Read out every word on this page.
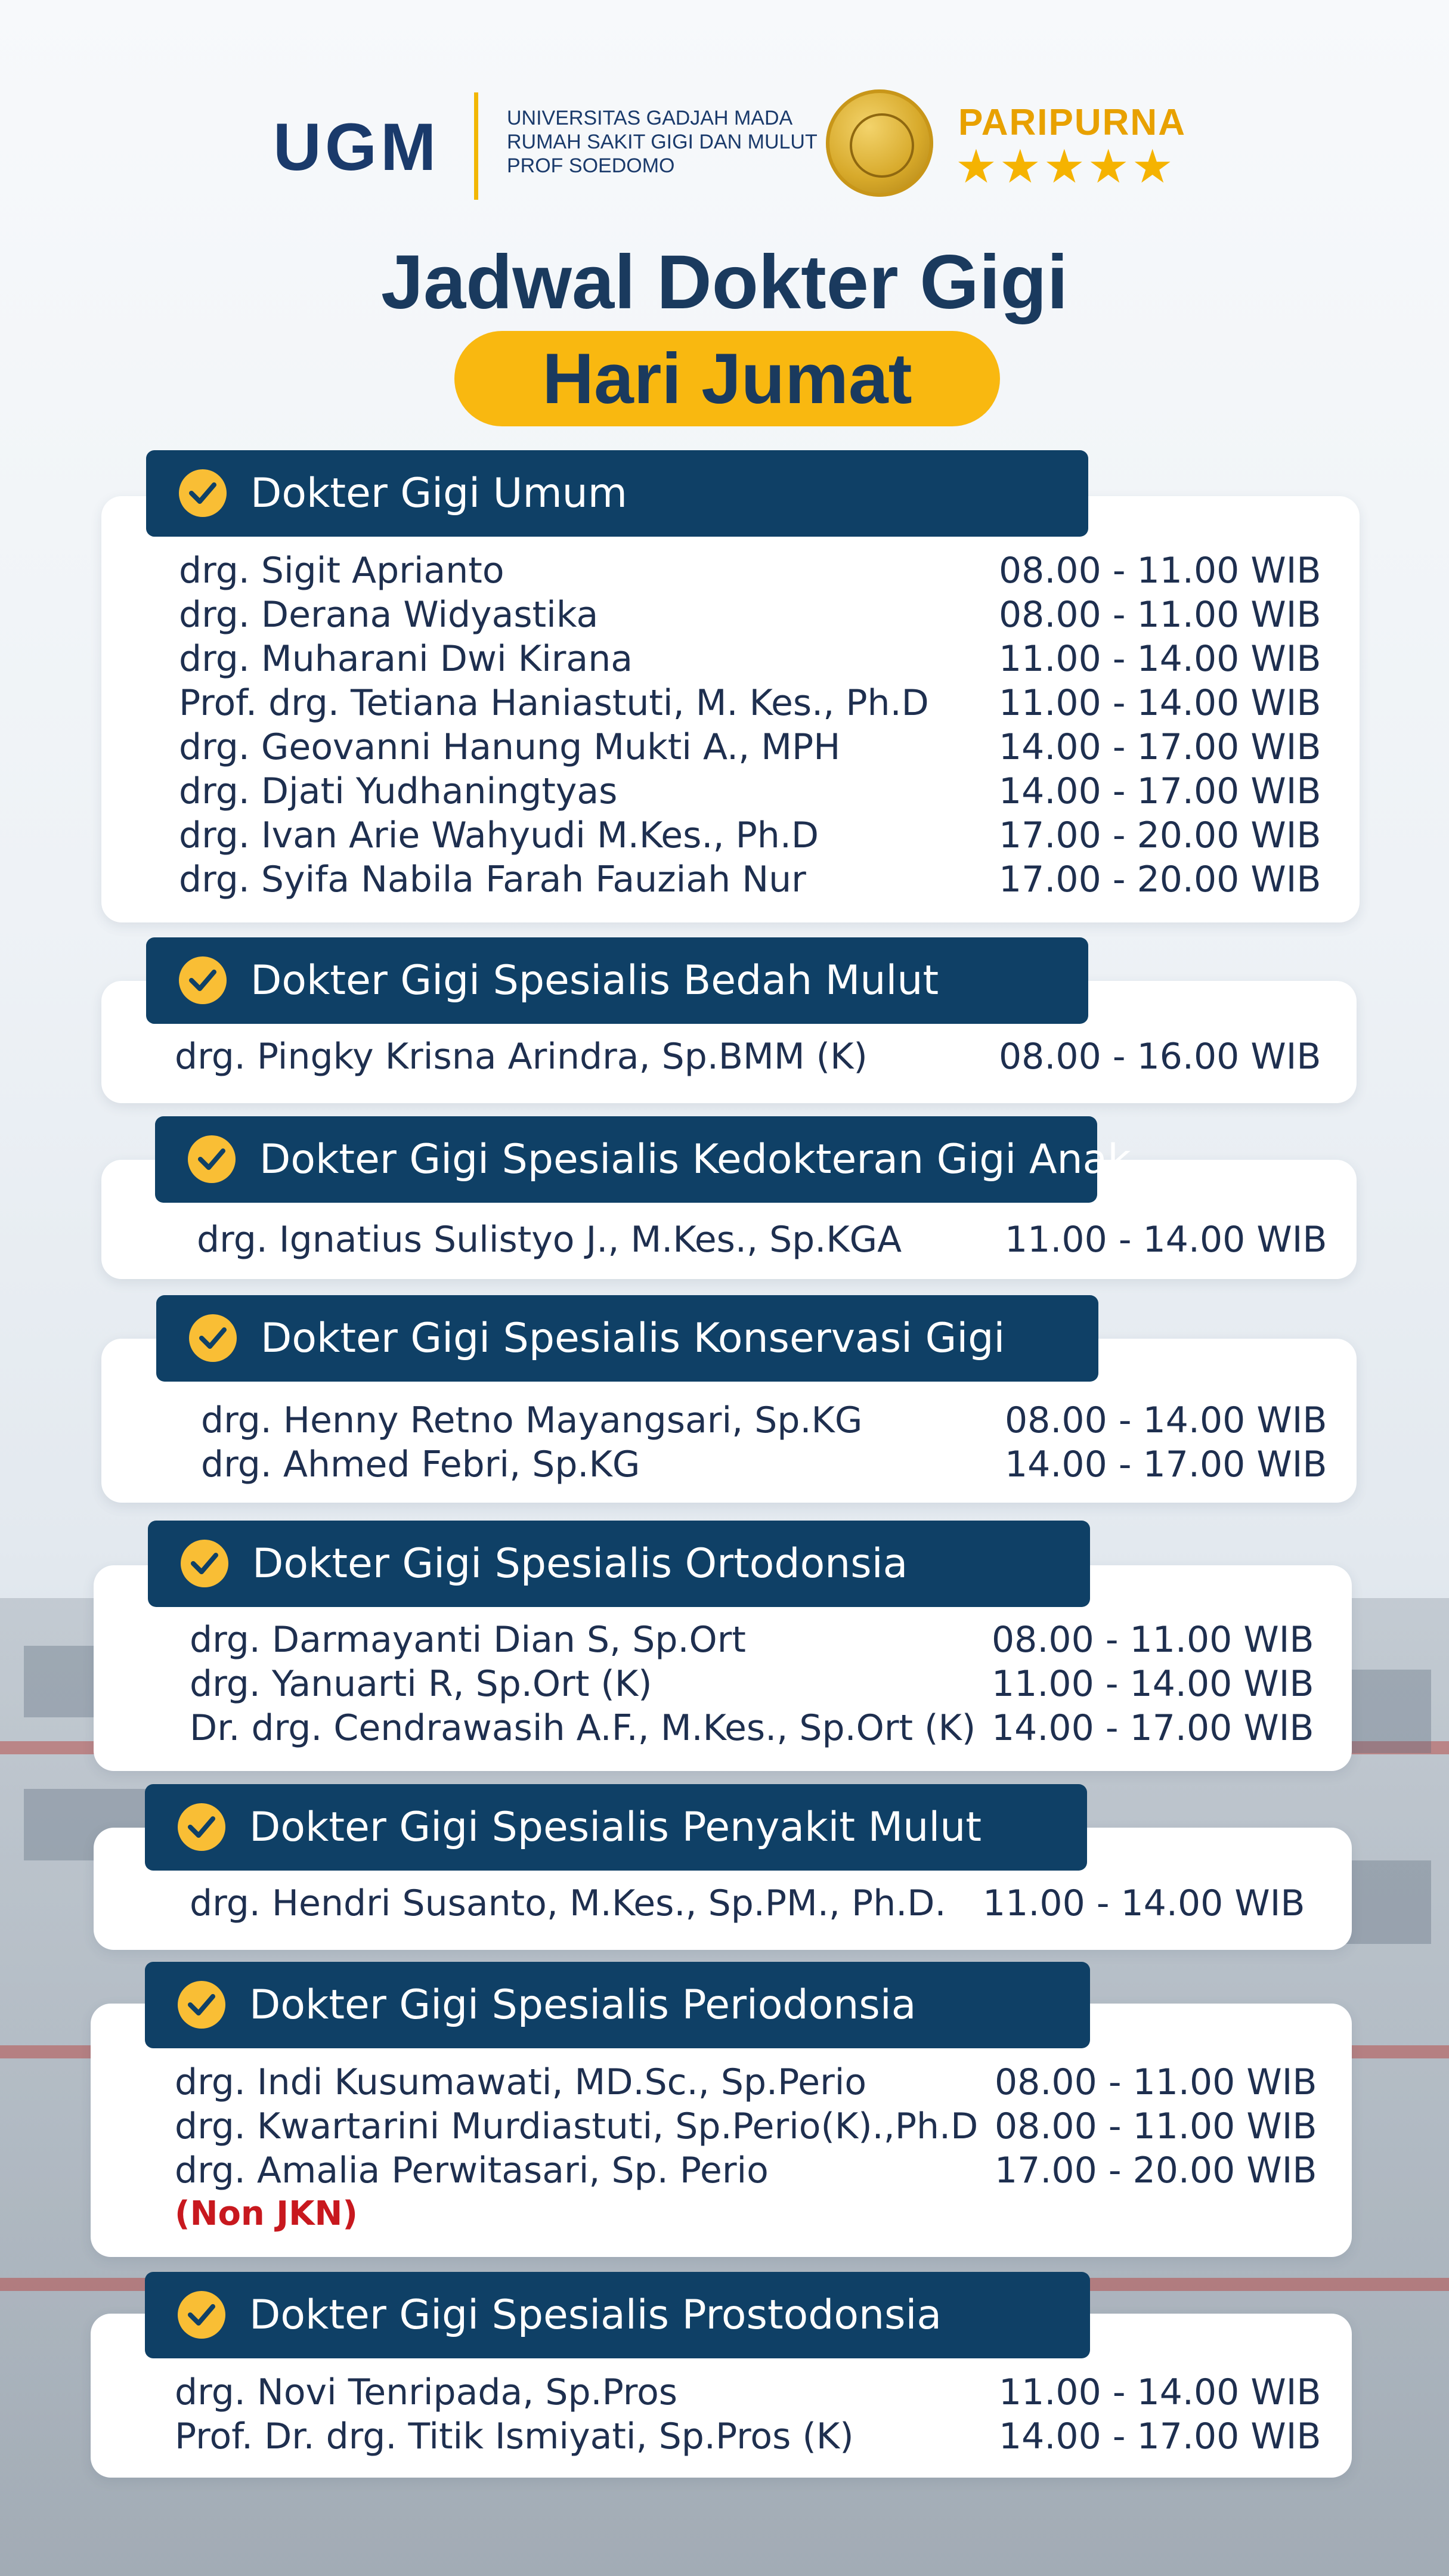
UGM	UNIVERSITAS GADJAH MADA
RUMAH SAKIT GIGI DAN MULUT
PROF SOEDOMO
PARIPURNA
★★★★★
Jadwal Dokter Gigi
Hari Jumat
Dokter Gigi Umum
drg. Sigit Aprianto	08.00 - 11.00 WIB
drg. Derana Widyastika	08.00 - 11.00 WIB
drg. Muharani Dwi Kirana	11.00 - 14.00 WIB
Prof. drg. Tetiana Haniastuti, M. Kes., Ph.D 11.00 - 14.00 WIB
drg. Geovanni Hanung Mukti A., MPH	14.00 - 17.00 WIB
drg. Djati Yudhaningtyas	14.00 - 17.00 WIB
drg. Ivan Arie Wahyudi M.Kes., Ph.D	17.00 - 20.00 WIB
drg. Syifa Nabila Farah Fauziah Nur	17.00 - 20.00 WIB
Dokter Gigi Spesialis Bedah Mulut
drg. Pingky Krisna Arindra, Sp.BMM (K)	08.00 - 16.00 WIB
Dokter Gigi Spesialis Kedokteran Gigi Anak
drg. Ignatius Sulistyo J., M.Kes., Sp.KGA	11.00 - 14.00 WIB
Dokter Gigi Spesialis Konservasi Gigi
drg. Henny Retno Mayangsari, Sp.KG	08.00 - 14.00 WIB
drg. Ahmed Febri, Sp.KG	14.00 - 17.00 WIB
Dokter Gigi Spesialis Ortodonsia
drg. Darmayanti Dian S, Sp.Ort	08.00 - 11.00 WIB
drg. Yanuarti R, Sp.Ort (K)	11.00 - 14.00 WIB
Dr. drg. Cendrawasih A.F., M.Kes., Sp.Ort (K) 14.00 - 17.00 WIB
Dokter Gigi Spesialis Penyakit Mulut
drg. Hendri Susanto, M.Kes., Sp.PM., Ph.D. 11.00 - 14.00 WIB
Dokter Gigi Spesialis Periodonsia
drg. Indi Kusumawati, MD.Sc., Sp.Perio	08.00 - 11.00 WIB
drg. Kwartarini Murdiastuti, Sp.Perio(K).,Ph.D 08.00 - 11.00 WIB
drg. Amalia Perwitasari, Sp. Perio	17.00 - 20.00 WIB
(Non JKN)
Dokter Gigi Spesialis Prostodonsia
drg. Novi Tenripada, Sp.Pros	11.00 - 14.00 WIB
Prof. Dr. drg. Titik Ismiyati, Sp.Pros (K)	14.00 - 17.00 WIB
